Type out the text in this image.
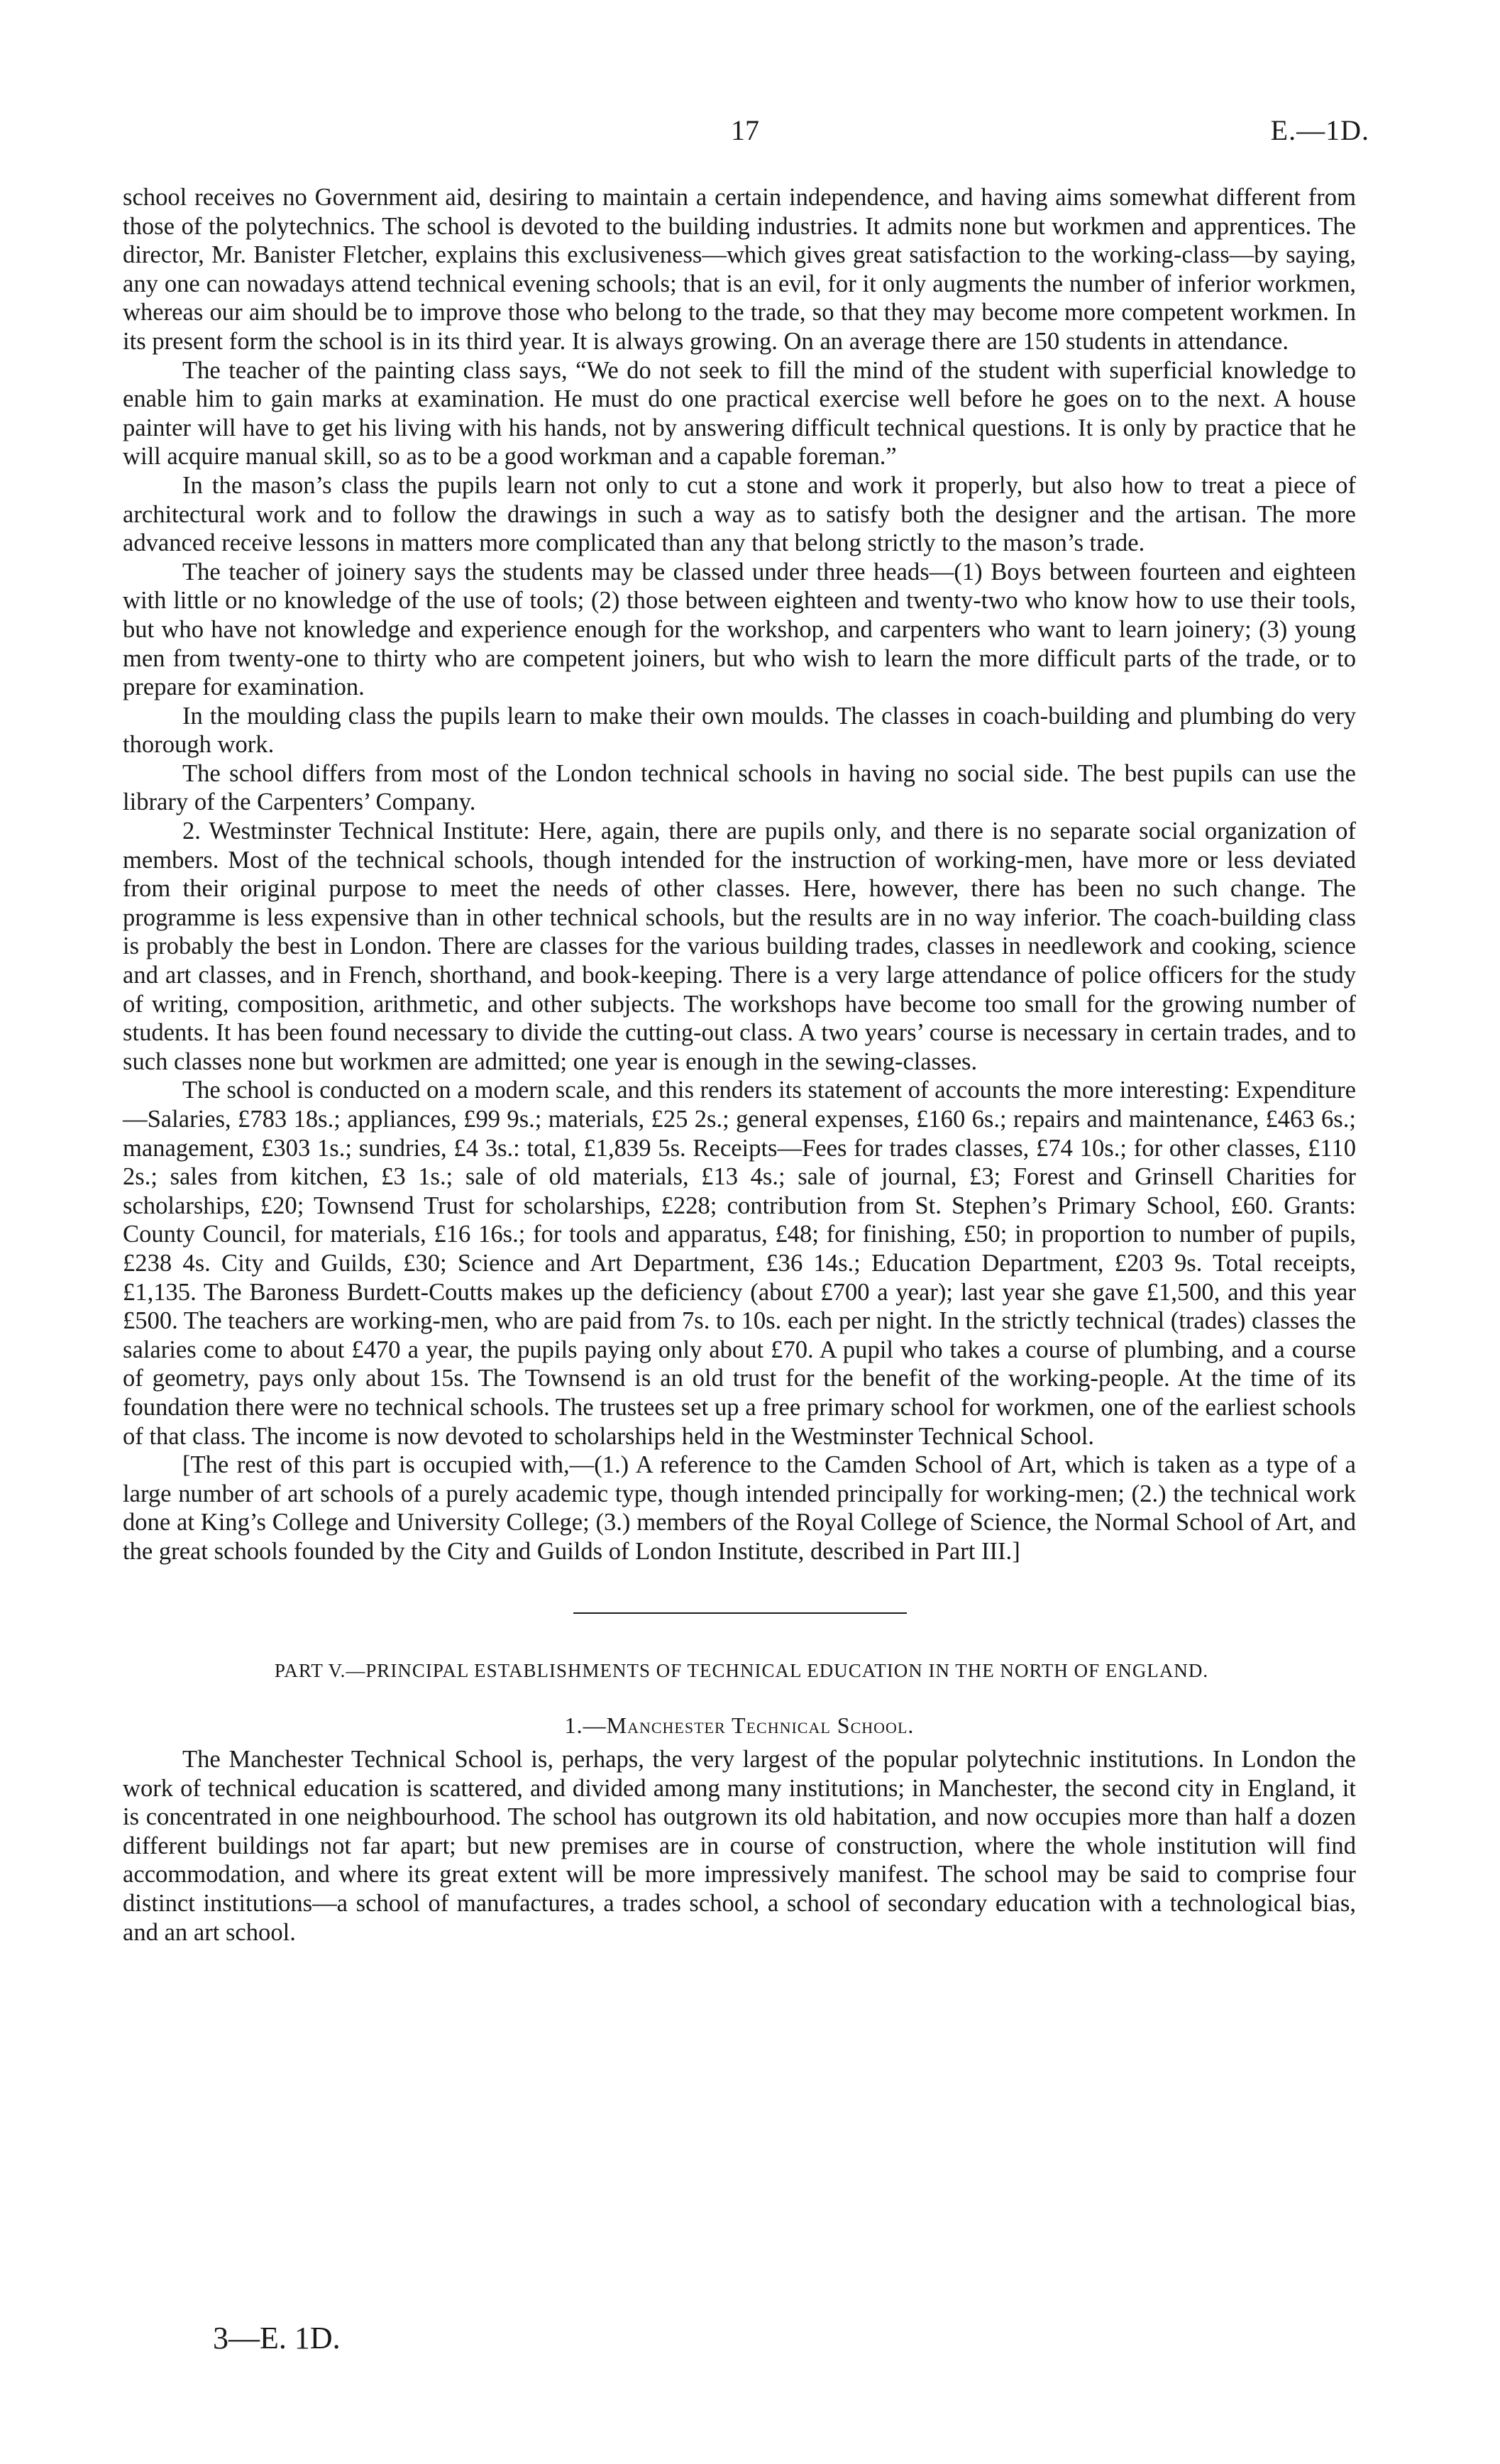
17	E.—1D.

school receives no Government aid, desiring to maintain a certain independence, and having aims somewhat different from those of the polytechnics. The school is devoted to the building industries. It admits none but workmen and apprentices. The director, Mr. Banister Fletcher, explains this exclusiveness—which gives great satisfaction to the working-class—by saying, any one can nowadays attend technical evening schools; that is an evil, for it only augments the number of inferior workmen, whereas our aim should be to improve those who belong to the trade, so that they may become more competent workmen. In its present form the school is in its third year. It is always growing. On an average there are 150 students in attendance.

The teacher of the painting class says, “We do not seek to fill the mind of the student with superficial knowledge to enable him to gain marks at examination. He must do one practical exercise well before he goes on to the next. A house painter will have to get his living with his hands, not by answering difficult technical questions. It is only by practice that he will acquire manual skill, so as to be a good workman and a capable foreman.”

In the mason’s class the pupils learn not only to cut a stone and work it properly, but also how to treat a piece of architectural work and to follow the drawings in such a way as to satisfy both the designer and the artisan. The more advanced receive lessons in matters more complicated than any that belong strictly to the mason’s trade.

The teacher of joinery says the students may be classed under three heads—(1) Boys between fourteen and eighteen with little or no knowledge of the use of tools; (2) those between eighteen and twenty-two who know how to use their tools, but who have not knowledge and experience enough for the workshop, and carpenters who want to learn joinery; (3) young men from twenty-one to thirty who are competent joiners, but who wish to learn the more difficult parts of the trade, or to prepare for examination.

In the moulding class the pupils learn to make their own moulds. The classes in coach-building and plumbing do very thorough work.

The school differs from most of the London technical schools in having no social side. The best pupils can use the library of the Carpenters’ Company.

2. Westminster Technical Institute: Here, again, there are pupils only, and there is no separate social organization of members. Most of the technical schools, though intended for the instruction of working-men, have more or less deviated from their original purpose to meet the needs of other classes. Here, however, there has been no such change. The programme is less expensive than in other technical schools, but the results are in no way inferior. The coach-building class is probably the best in London. There are classes for the various building trades, classes in needlework and cooking, science and art classes, and in French, shorthand, and book-keeping. There is a very large attendance of police officers for the study of writing, composition, arithmetic, and other subjects. The workshops have become too small for the growing number of students. It has been found necessary to divide the cutting-out class. A two years’ course is necessary in certain trades, and to such classes none but workmen are admitted; one year is enough in the sewing-classes.

The school is conducted on a modern scale, and this renders its statement of accounts the more interesting: Expenditure—Salaries, £783 18s.; appliances, £99 9s.; materials, £25 2s.; general expenses, £160 6s.; repairs and maintenance, £463 6s.; management, £303 1s.; sundries, £4 3s.: total, £1,839 5s. Receipts—Fees for trades classes, £74 10s.; for other classes, £110 2s.; sales from kitchen, £3 1s.; sale of old materials, £13 4s.; sale of journal, £3; Forest and Grinsell Charities for scholarships, £20; Townsend Trust for scholarships, £228; contribution from St. Stephen’s Primary School, £60. Grants: County Council, for materials, £16 16s.; for tools and apparatus, £48; for finishing, £50; in proportion to number of pupils, £238 4s. City and Guilds, £30; Science and Art Department, £36 14s.; Education Department, £203 9s. Total receipts, £1,135. The Baroness Burdett-Coutts makes up the deficiency (about £700 a year); last year she gave £1,500, and this year £500. The teachers are working-men, who are paid from 7s. to 10s. each per night. In the strictly technical (trades) classes the salaries come to about £470 a year, the pupils paying only about £70. A pupil who takes a course of plumbing, and a course of geometry, pays only about 15s. The Townsend is an old trust for the benefit of the working-people. At the time of its foundation there were no technical schools. The trustees set up a free primary school for workmen, one of the earliest schools of that class. The income is now devoted to scholarships held in the Westminster Technical School.

[The rest of this part is occupied with,—(1.) A reference to the Camden School of Art, which is taken as a type of a large number of art schools of a purely academic type, though intended principally for working-men; (2.) the technical work done at King’s College and University College; (3.) members of the Royal College of Science, the Normal School of Art, and the great schools founded by the City and Guilds of London Institute, described in Part III.]

PART V.—PRINCIPAL ESTABLISHMENTS OF TECHNICAL EDUCATION IN THE NORTH OF ENGLAND.
1.—Manchester Technical School.

The Manchester Technical School is, perhaps, the very largest of the popular polytechnic institutions. In London the work of technical education is scattered, and divided among many institutions; in Manchester, the second city in England, it is concentrated in one neighbourhood. The school has outgrown its old habitation, and now occupies more than half a dozen different buildings not far apart; but new premises are in course of construction, where the whole institution will find accommodation, and where its great extent will be more impressively manifest. The school may be said to comprise four distinct institutions—a school of manufactures, a trades school, a school of secondary education with a technological bias, and an art school.

3—E. 1D.
